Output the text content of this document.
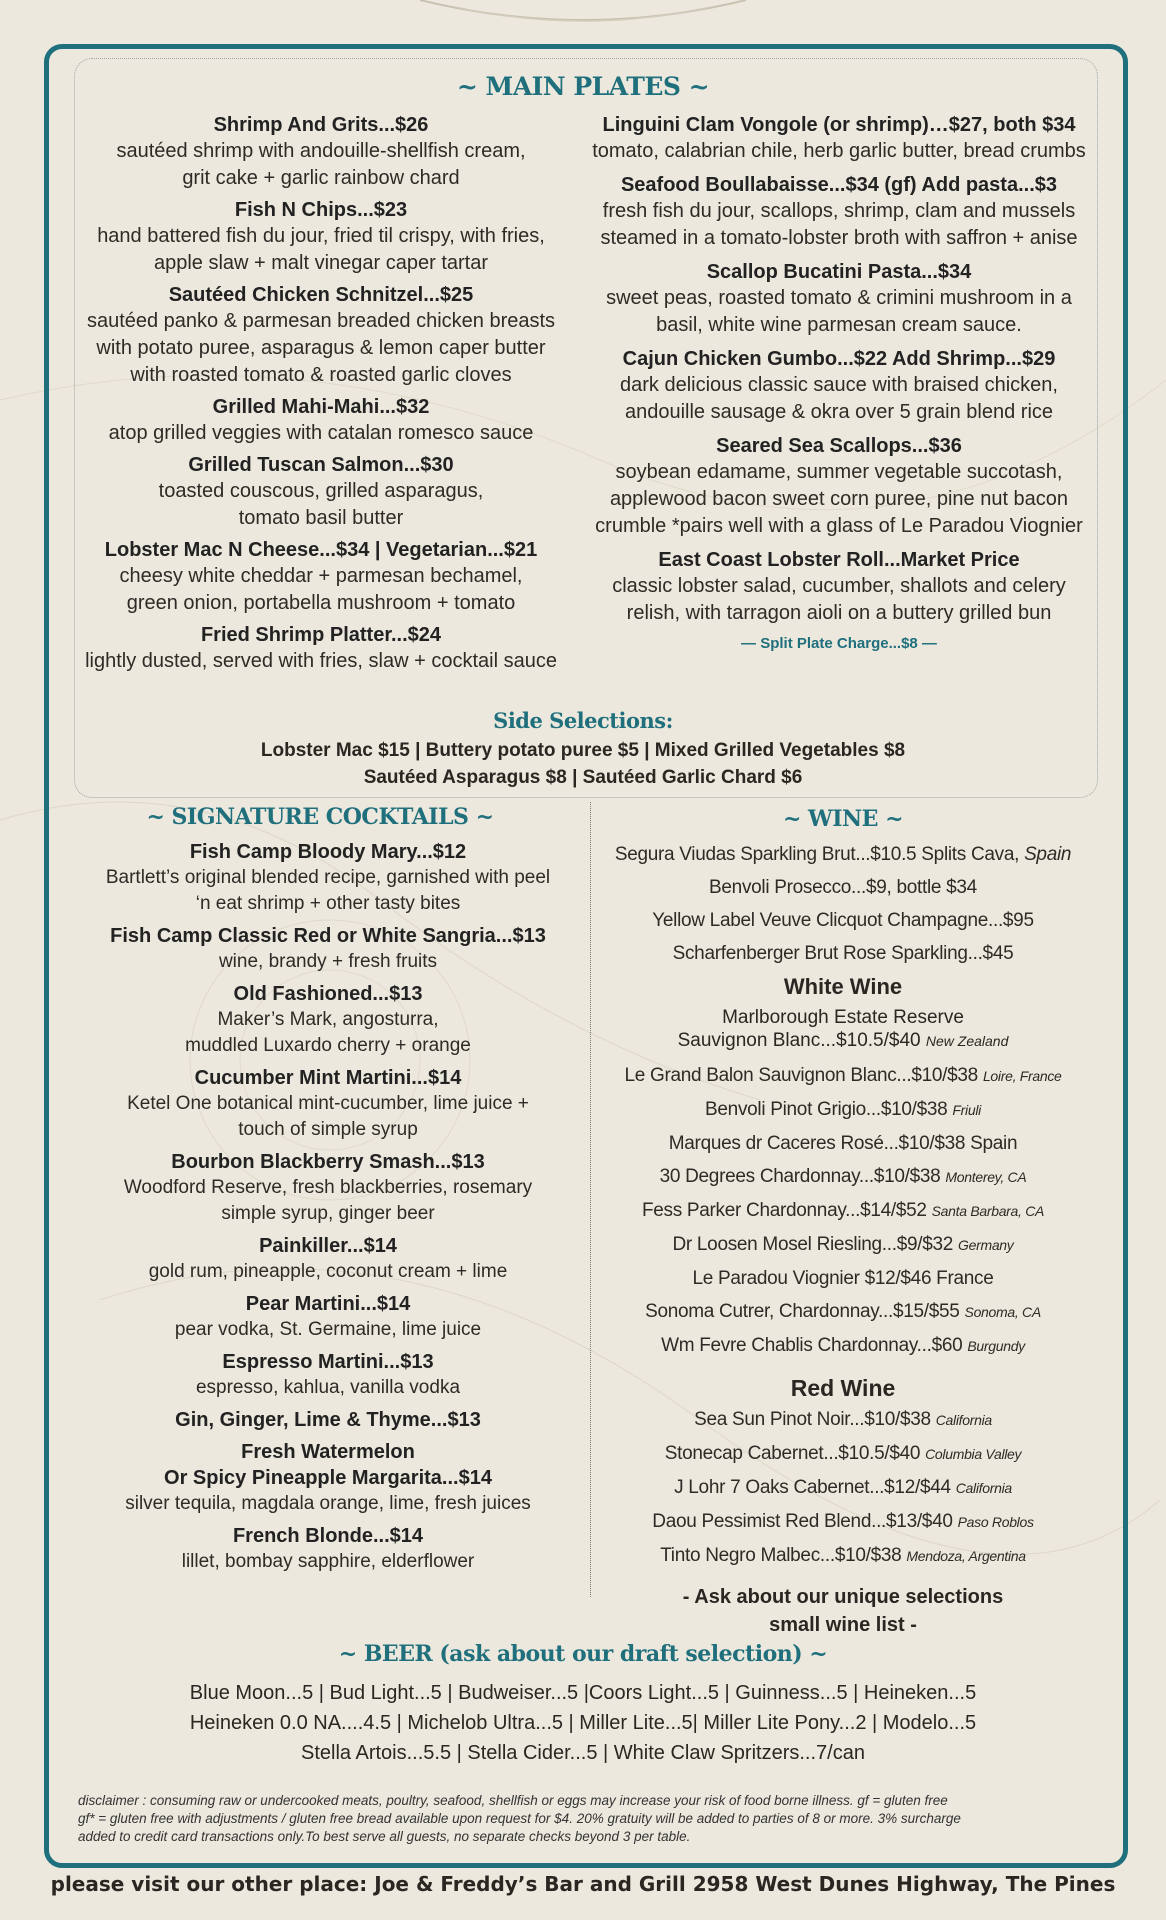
~ MAIN PLATES ~
Shrimp And Grits...$26
sautéed shrimp with andouille-shellfish cream,
grit cake + garlic rainbow chard
Fish N Chips...$23
hand battered fish du jour, fried til crispy, with fries,
apple slaw + malt vinegar caper tartar
Sautéed Chicken Schnitzel...$25
sautéed panko & parmesan breaded chicken breasts
with potato puree, asparagus & lemon caper butter
with roasted tomato & roasted garlic cloves
Grilled Mahi-Mahi...$32
atop grilled veggies with catalan romesco sauce
Grilled Tuscan Salmon...$30
toasted couscous, grilled asparagus,
tomato basil butter
Lobster Mac N Cheese...$34 | Vegetarian...$21
cheesy white cheddar + parmesan bechamel,
green onion, portabella mushroom + tomato
Fried Shrimp Platter...$24
lightly dusted, served with fries, slaw + cocktail sauce
Linguini Clam Vongole (or shrimp)…$27, both $34
tomato, calabrian chile, herb garlic butter, bread crumbs
Seafood Boullabaisse...$34 (gf) Add pasta...$3
fresh fish du jour, scallops, shrimp, clam and mussels
steamed in a tomato-lobster broth with saffron + anise
Scallop Bucatini Pasta...$34
sweet peas, roasted tomato & crimini mushroom in a
basil, white wine parmesan cream sauce.
Cajun Chicken Gumbo...$22 Add Shrimp...$29
dark delicious classic sauce with braised chicken,
andouille sausage & okra over 5 grain blend rice
Seared Sea Scallops...$36
soybean edamame, summer vegetable succotash,
applewood bacon sweet corn puree, pine nut bacon
crumble *pairs well with a glass of Le Paradou Viognier
East Coast Lobster Roll...Market Price
classic lobster salad, cucumber, shallots and celery
relish, with tarragon aioli on a buttery grilled bun
— Split Plate Charge...$8 —
Side Selections:
Lobster Mac $15 | Buttery potato puree $5 | Mixed Grilled Vegetables $8
Sautéed Asparagus $8 | Sautéed Garlic Chard $6
~ SIGNATURE COCKTAILS ~
Fish Camp Bloody Mary...$12
Bartlett’s original blended recipe, garnished with peel
‘n eat shrimp + other tasty bites
Fish Camp Classic Red or White Sangria...$13
wine, brandy + fresh fruits
Old Fashioned...$13
Maker’s Mark, angosturra,
muddled Luxardo cherry + orange
Cucumber Mint Martini...$14
Ketel One botanical mint-cucumber, lime juice +
touch of simple syrup
Bourbon Blackberry Smash...$13
Woodford Reserve, fresh blackberries, rosemary
simple syrup, ginger beer
Painkiller...$14
gold rum, pineapple, coconut cream + lime
Pear Martini...$14
pear vodka, St. Germaine, lime juice
Espresso Martini...$13
espresso, kahlua, vanilla vodka
Gin, Ginger, Lime & Thyme...$13
Fresh Watermelon
Or Spicy Pineapple Margarita...$14
silver tequila, magdala orange, lime, fresh juices
French Blonde...$14
lillet, bombay sapphire, elderflower
~ WINE ~
Segura Viudas Sparkling Brut...$10.5 Splits Cava, Spain
Benvoli Prosecco...$9, bottle $34
Yellow Label Veuve Clicquot Champagne...$95
Scharfenberger Brut Rose Sparkling...$45
White Wine
Marlborough Estate Reserve
Sauvignon Blanc...$10.5/$40 New Zealand
Le Grand Balon Sauvignon Blanc...$10/$38 Loire, France
Benvoli Pinot Grigio...$10/$38 Friuli
Marques dr Caceres Rosé...$10/$38 Spain
30 Degrees Chardonnay...$10/$38 Monterey, CA
Fess Parker Chardonnay...$14/$52 Santa Barbara, CA
Dr Loosen Mosel Riesling...$9/$32 Germany
Le Paradou Viognier $12/$46 France
Sonoma Cutrer, Chardonnay...$15/$55 Sonoma, CA
Wm Fevre Chablis Chardonnay...$60 Burgundy
Red Wine
Sea Sun Pinot Noir...$10/$38 California
Stonecap Cabernet...$10.5/$40 Columbia Valley
J Lohr 7 Oaks Cabernet...$12/$44 California
Daou Pessimist Red Blend...$13/$40 Paso Roblos
Tinto Negro Malbec...$10/$38 Mendoza, Argentina
- Ask about our unique selections
small wine list -
~ BEER (ask about our draft selection) ~
Blue Moon...5 | Bud Light...5 | Budweiser...5 |Coors Light...5 | Guinness...5 | Heineken...5
Heineken 0.0 NA....4.5 | Michelob Ultra...5 | Miller Lite...5| Miller Lite Pony...2 | Modelo...5
Stella Artois...5.5 | Stella Cider...5 | White Claw Spritzers...7/can
disclaimer : consuming raw or undercooked meats, poultry, seafood, shellfish or eggs may increase your risk of food borne illness. gf = gluten free
gf* = gluten free with adjustments / gluten free bread available upon request for $4. 20% gratuity will be added to parties of 8 or more. 3% surcharge
added to credit card transactions only.To best serve all guests, no separate checks beyond 3 per table.
please visit our other place: Joe & Freddy’s Bar and Grill 2958 West Dunes Highway, The Pines
